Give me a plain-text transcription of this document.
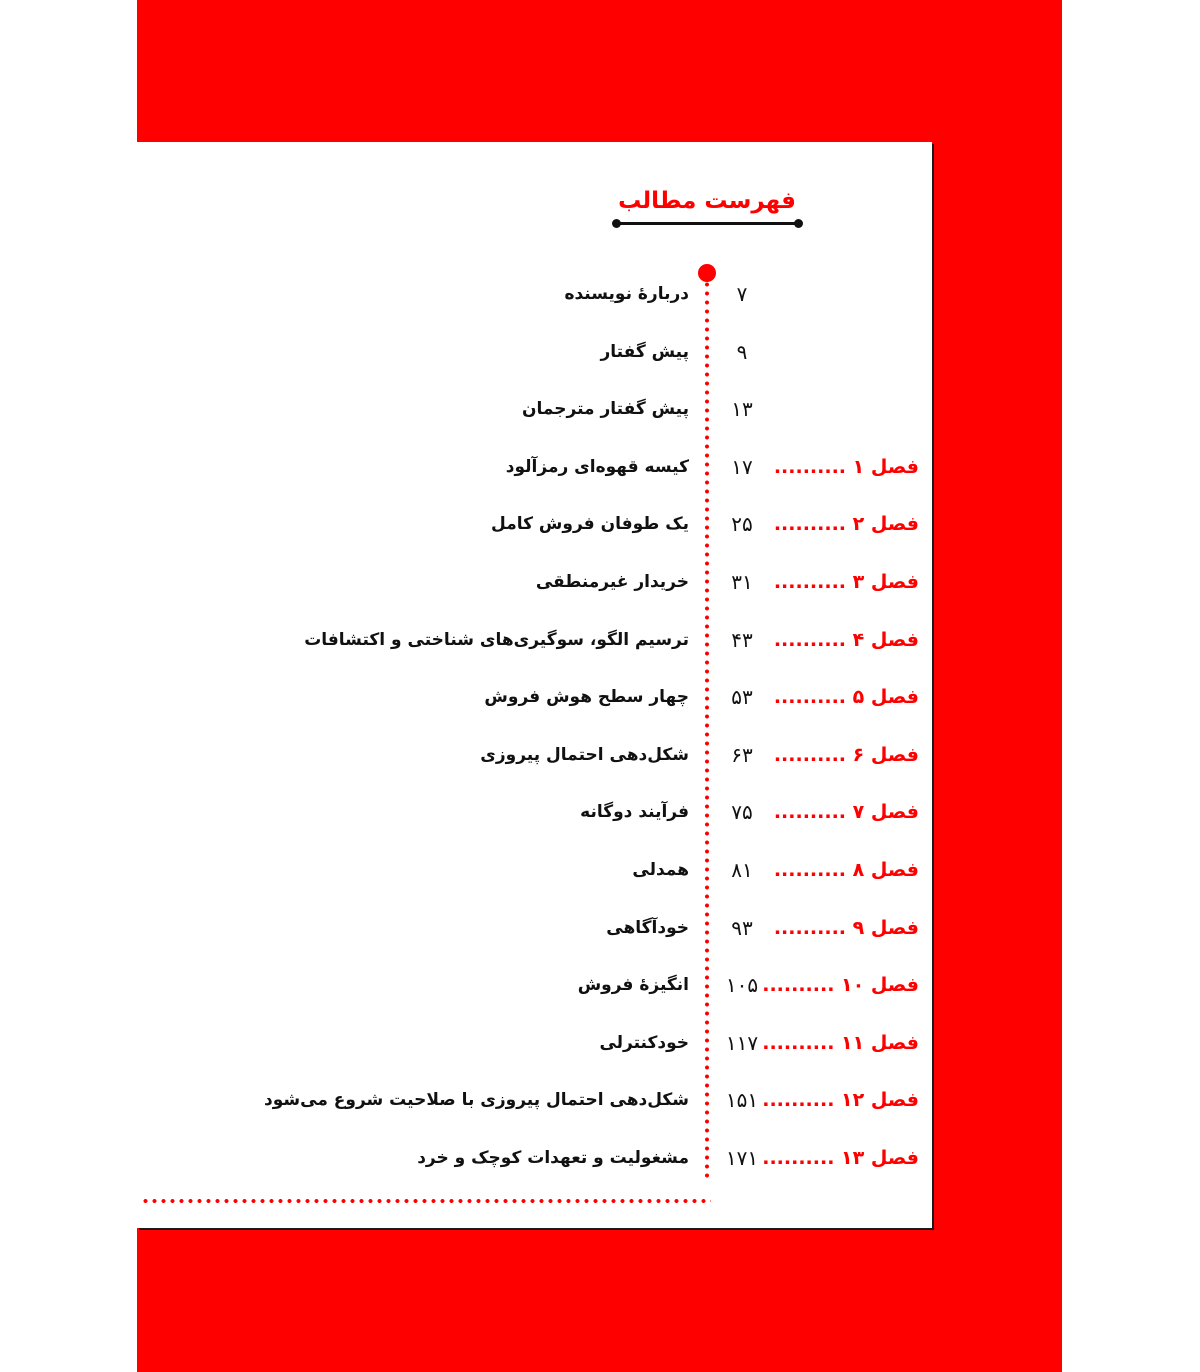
فهرست مطالب
۷
دربارۀ نویسنده
۹
پیش گفتار
۱۳
پیش گفتار مترجمان
فصل ۱ ..........
۱۷
کیسه قهوه‌ای رمزآلود
فصل ۲ ..........
۲۵
یک طوفان فروش کامل
فصل ۳ ..........
۳۱
خریدار غیرمنطقی
فصل ۴ ..........
۴۳
ترسیم الگو، سوگیری‌های شناختی و اکتشافات
فصل ۵ ..........
۵۳
چهار سطح هوش فروش
فصل ۶ ..........
۶۳
شکل‌دهی احتمال پیروزی
فصل ۷ ..........
۷۵
فرآیند دوگانه
فصل ۸ ..........
۸۱
همدلی
فصل ۹ ..........
۹۳
خودآگاهی
فصل ۱۰ ..........
۱۰۵
انگیزۀ فروش
فصل ۱۱ ..........
۱۱۷
خودکنترلی
فصل ۱۲ ..........
۱۵۱
شکل‌دهی احتمال پیروزی با صلاحیت شروع می‌شود
فصل ۱۳ ..........
۱۷۱
مشغولیت و تعهدات کوچک و خرد
